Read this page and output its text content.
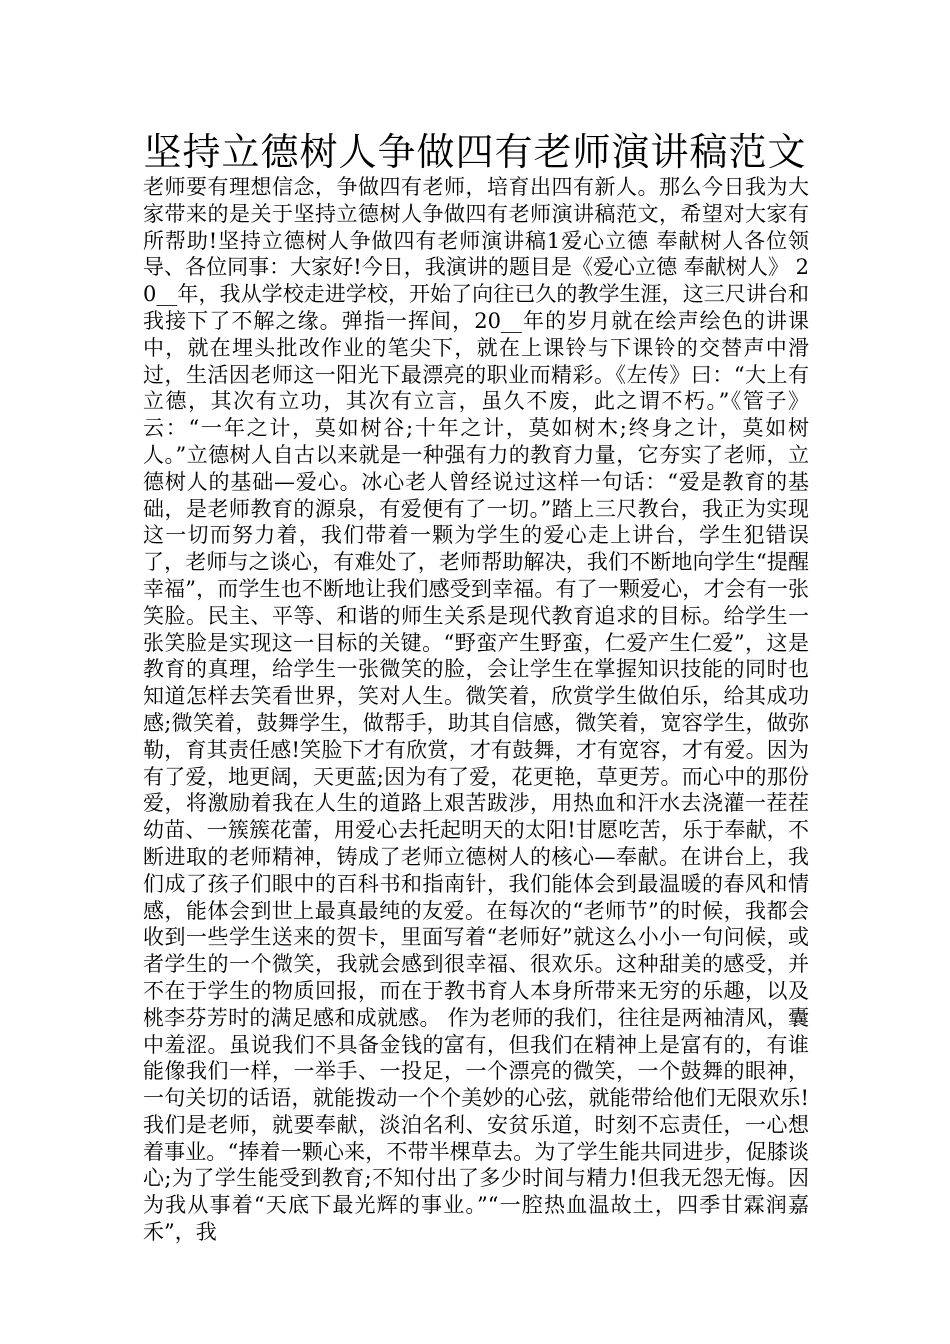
坚持立德树人争做四有老师演讲稿范文

老师要有理想信念，争做四有老师，培育出四有新人。那么今日我为大家带来的是关于坚持立德树人争做四有老师演讲稿范文，希望对大家有所帮助!坚持立德树人争做四有老师演讲稿1爱心立德 奉献树人各位领导、各位同事：大家好!今日，我演讲的题目是《爱心立德 奉献树人》 20__年，我从学校走进学校，开始了向往已久的教学生涯，这三尺讲台和我接下了不解之缘。弹指一挥间，20__年的岁月就在绘声绘色的讲课中，就在埋头批改作业的笔尖下，就在上课铃与下课铃的交替声中滑过，生活因老师这一阳光下最漂亮的职业而精彩。《左传》曰：“大上有立德，其次有立功，其次有立言，虽久不废，此之谓不朽。”《管子》云：“一年之计，莫如树谷;十年之计，莫如树木;终身之计，莫如树人。”立德树人自古以来就是一种强有力的教育力量，它夯实了老师，立德树人的基础—爱心。冰心老人曾经说过这样一句话：“爱是教育的基础，是老师教育的源泉，有爱便有了一切。”踏上三尺教台，我正为实现这一切而努力着，我们带着一颗为学生的爱心走上讲台，学生犯错误了，老师与之谈心，有难处了，老师帮助解决，我们不断地向学生“提醒幸福”，而学生也不断地让我们感受到幸福。有了一颗爱心，才会有一张笑脸。民主、平等、和谐的师生关系是现代教育追求的目标。给学生一张笑脸是实现这一目标的关键。“野蛮产生野蛮，仁爱产生仁爱”，这是教育的真理，给学生一张微笑的脸，会让学生在掌握知识技能的同时也知道怎样去笑看世界，笑对人生。微笑着，欣赏学生做伯乐，给其成功感;微笑着，鼓舞学生，做帮手，助其自信感，微笑着，宽容学生，做弥勒，育其责任感!笑脸下才有欣赏，才有鼓舞，才有宽容，才有爱。因为有了爱，地更阔，天更蓝;因为有了爱，花更艳，草更芳。而心中的那份爱，将激励着我在人生的道路上艰苦跋涉，用热血和汗水去浇灌一茬茬幼苗、一簇簇花蕾，用爱心去托起明天的太阳!甘愿吃苦，乐于奉献，不断进取的老师精神，铸成了老师立德树人的核心—奉献。在讲台上，我们成了孩子们眼中的百科书和指南针，我们能体会到最温暖的春风和情感，能体会到世上最真最纯的友爱。在每次的“老师节”的时候，我都会收到一些学生送来的贺卡，里面写着“老师好”就这么小小一句问候，或者学生的一个微笑，我就会感到很幸福、很欢乐。这种甜美的感受，并不在于学生的物质回报，而在于教书育人本身所带来无穷的乐趣，以及桃李芬芳时的满足感和成就感。 作为老师的我们，往往是两袖清风，囊中羞涩。虽说我们不具备金钱的富有，但我们在精神上是富有的，有谁能像我们一样，一举手、一投足，一个漂亮的微笑，一个鼓舞的眼神，一句关切的话语，就能拨动一个个美妙的心弦，就能带给他们无限欢乐!我们是老师，就要奉献，淡泊名利、安贫乐道，时刻不忘责任，一心想着事业。“捧着一颗心来，不带半棵草去。为了学生能共同进步，促膝谈心;为了学生能受到教育;不知付出了多少时间与精力!但我无怨无悔。因为我从事着“天底下最光辉的事业。”“一腔热血温故土，四季甘霖润嘉禾”，我
